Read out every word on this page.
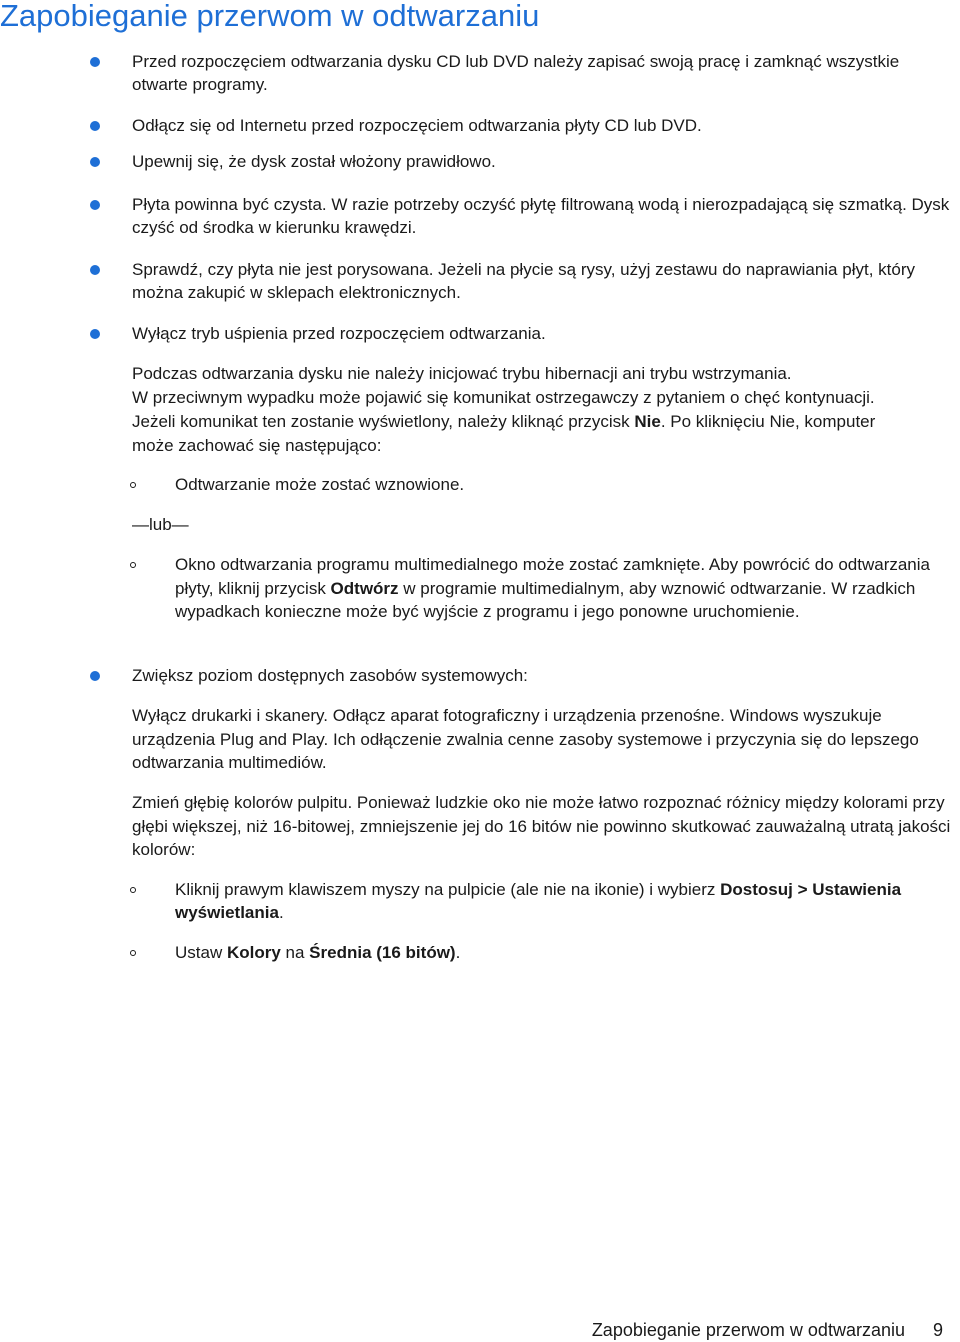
Zapobieganie przerwom w odtwarzaniu
Przed rozpoczęciem odtwarzania dysku CD lub DVD należy zapisać swoją pracę i zamknąć wszystkie otwarte programy.
Odłącz się od Internetu przed rozpoczęciem odtwarzania płyty CD lub DVD.
Upewnij się, że dysk został włożony prawidłowo.
Płyta powinna być czysta. W razie potrzeby oczyść płytę filtrowaną wodą i nierozpadającą się szmatką. Dysk czyść od środka w kierunku krawędzi.
Sprawdź, czy płyta nie jest porysowana. Jeżeli na płycie są rysy, użyj zestawu do naprawiania płyt, który można zakupić w sklepach elektronicznych.
Wyłącz tryb uśpienia przed rozpoczęciem odtwarzania.
Podczas odtwarzania dysku nie należy inicjować trybu hibernacji ani trybu wstrzymania.
W przeciwnym wypadku może pojawić się komunikat ostrzegawczy z pytaniem o chęć kontynuacji.
Jeżeli komunikat ten zostanie wyświetlony, należy kliknąć przycisk Nie. Po kliknięciu Nie, komputer
może zachować się następująco:
Odtwarzanie może zostać wznowione.
—lub—
Okno odtwarzania programu multimedialnego może zostać zamknięte. Aby powrócić do odtwarzania płyty, kliknij przycisk Odtwórz w programie multimedialnym, aby wznowić odtwarzanie. W rzadkich wypadkach konieczne może być wyjście z programu i jego ponowne uruchomienie.
Zwiększ poziom dostępnych zasobów systemowych:
Wyłącz drukarki i skanery. Odłącz aparat fotograficzny i urządzenia przenośne. Windows wyszukuje urządzenia Plug and Play. Ich odłączenie zwalnia cenne zasoby systemowe i przyczynia się do lepszego odtwarzania multimediów.
Zmień głębię kolorów pulpitu. Ponieważ ludzkie oko nie może łatwo rozpoznać różnicy między kolorami przy głębi większej, niż 16-bitowej, zmniejszenie jej do 16 bitów nie powinno skutkować zauważalną utratą jakości kolorów:
Kliknij prawym klawiszem myszy na pulpicie (ale nie na ikonie) i wybierz Dostosuj > Ustawienia wyświetlania.
Ustaw Kolory na Średnia (16 bitów).
Zapobieganie przerwom w odtwarzaniu 9
